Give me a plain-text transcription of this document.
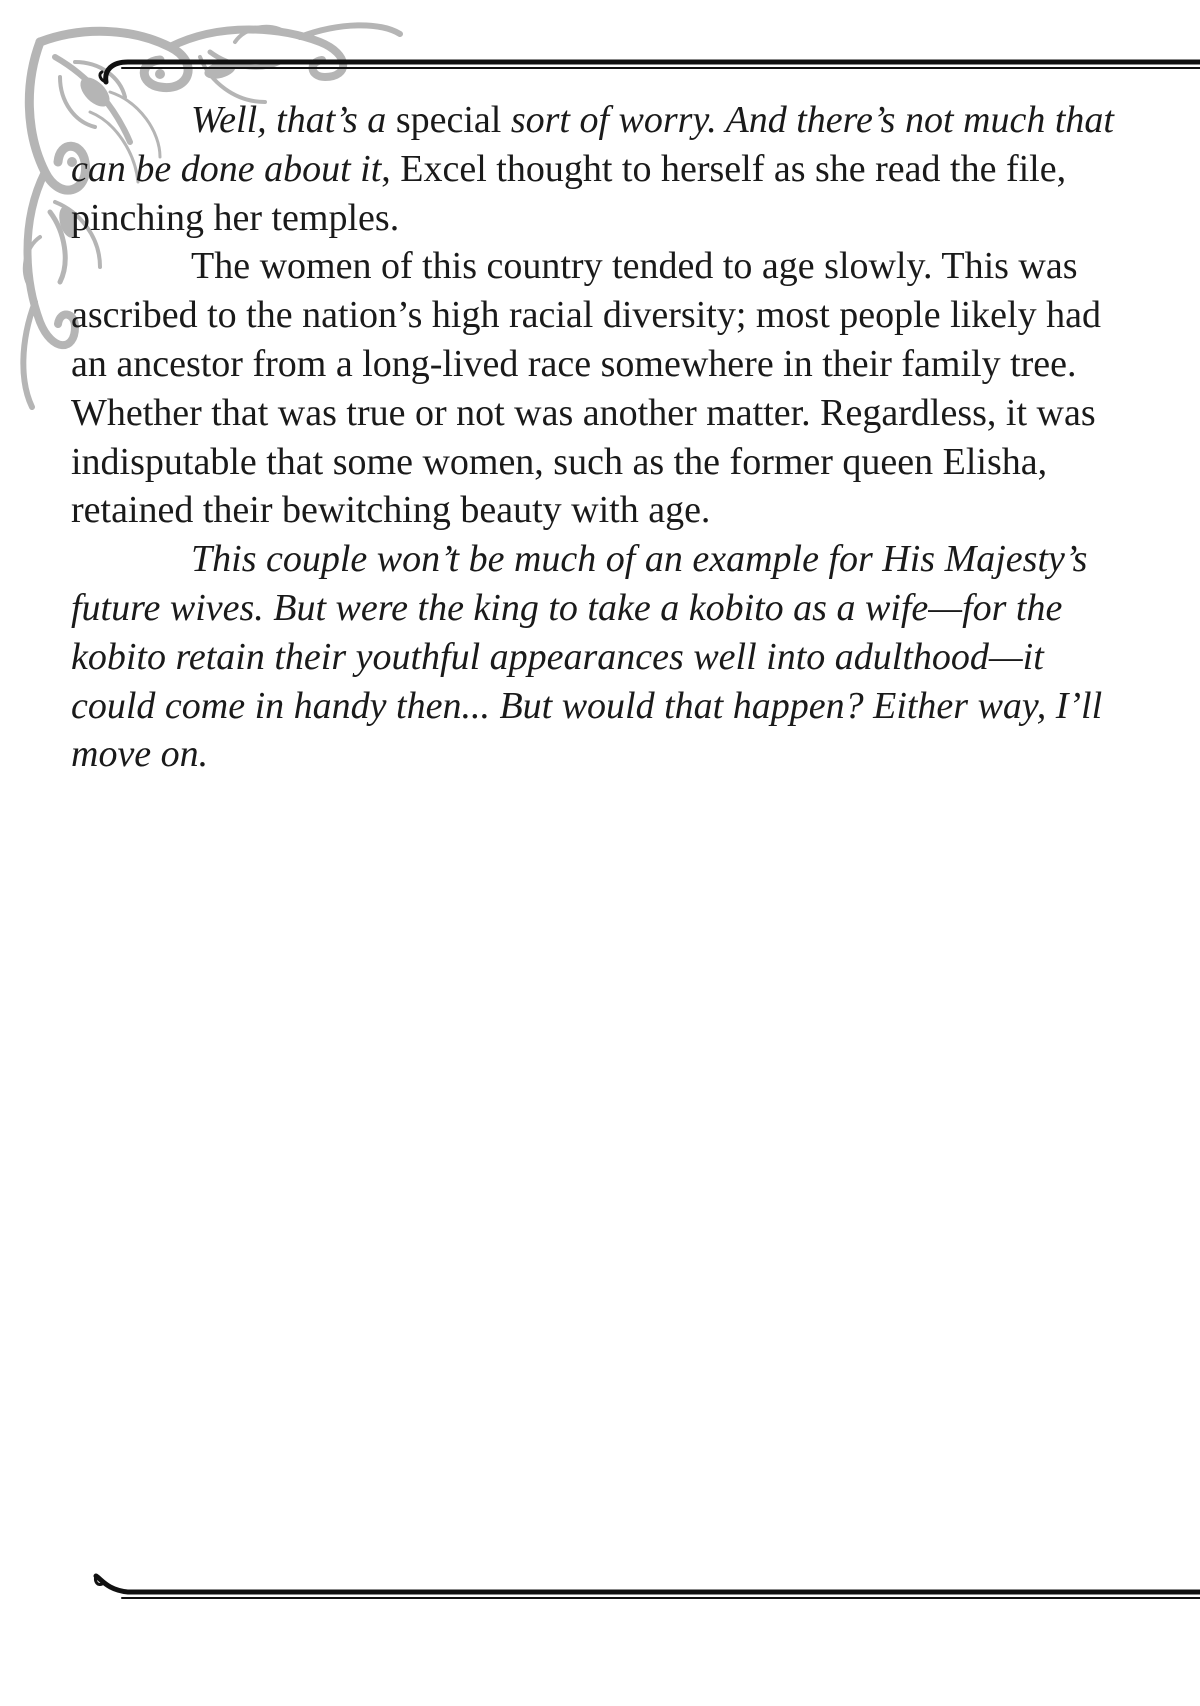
Well, that’s a special sort of worry. And there’s not much that can be done about it, Excel thought to herself as she read the file, pinching her temples.

The women of this country tended to age slowly. This was ascribed to the nation’s high racial diversity; most people likely had an ancestor from a long-lived race somewhere in their family tree. Whether that was true or not was another matter. Regardless, it was indisputable that some women, such as the former queen Elisha, retained their bewitching beauty with age.

This couple won’t be much of an example for His Majesty’s future wives. But were the king to take a kobito as a wife—for the kobito retain their youthful appearances well into adulthood—it could come in handy then... But would that happen? Either way, I’ll move on.
